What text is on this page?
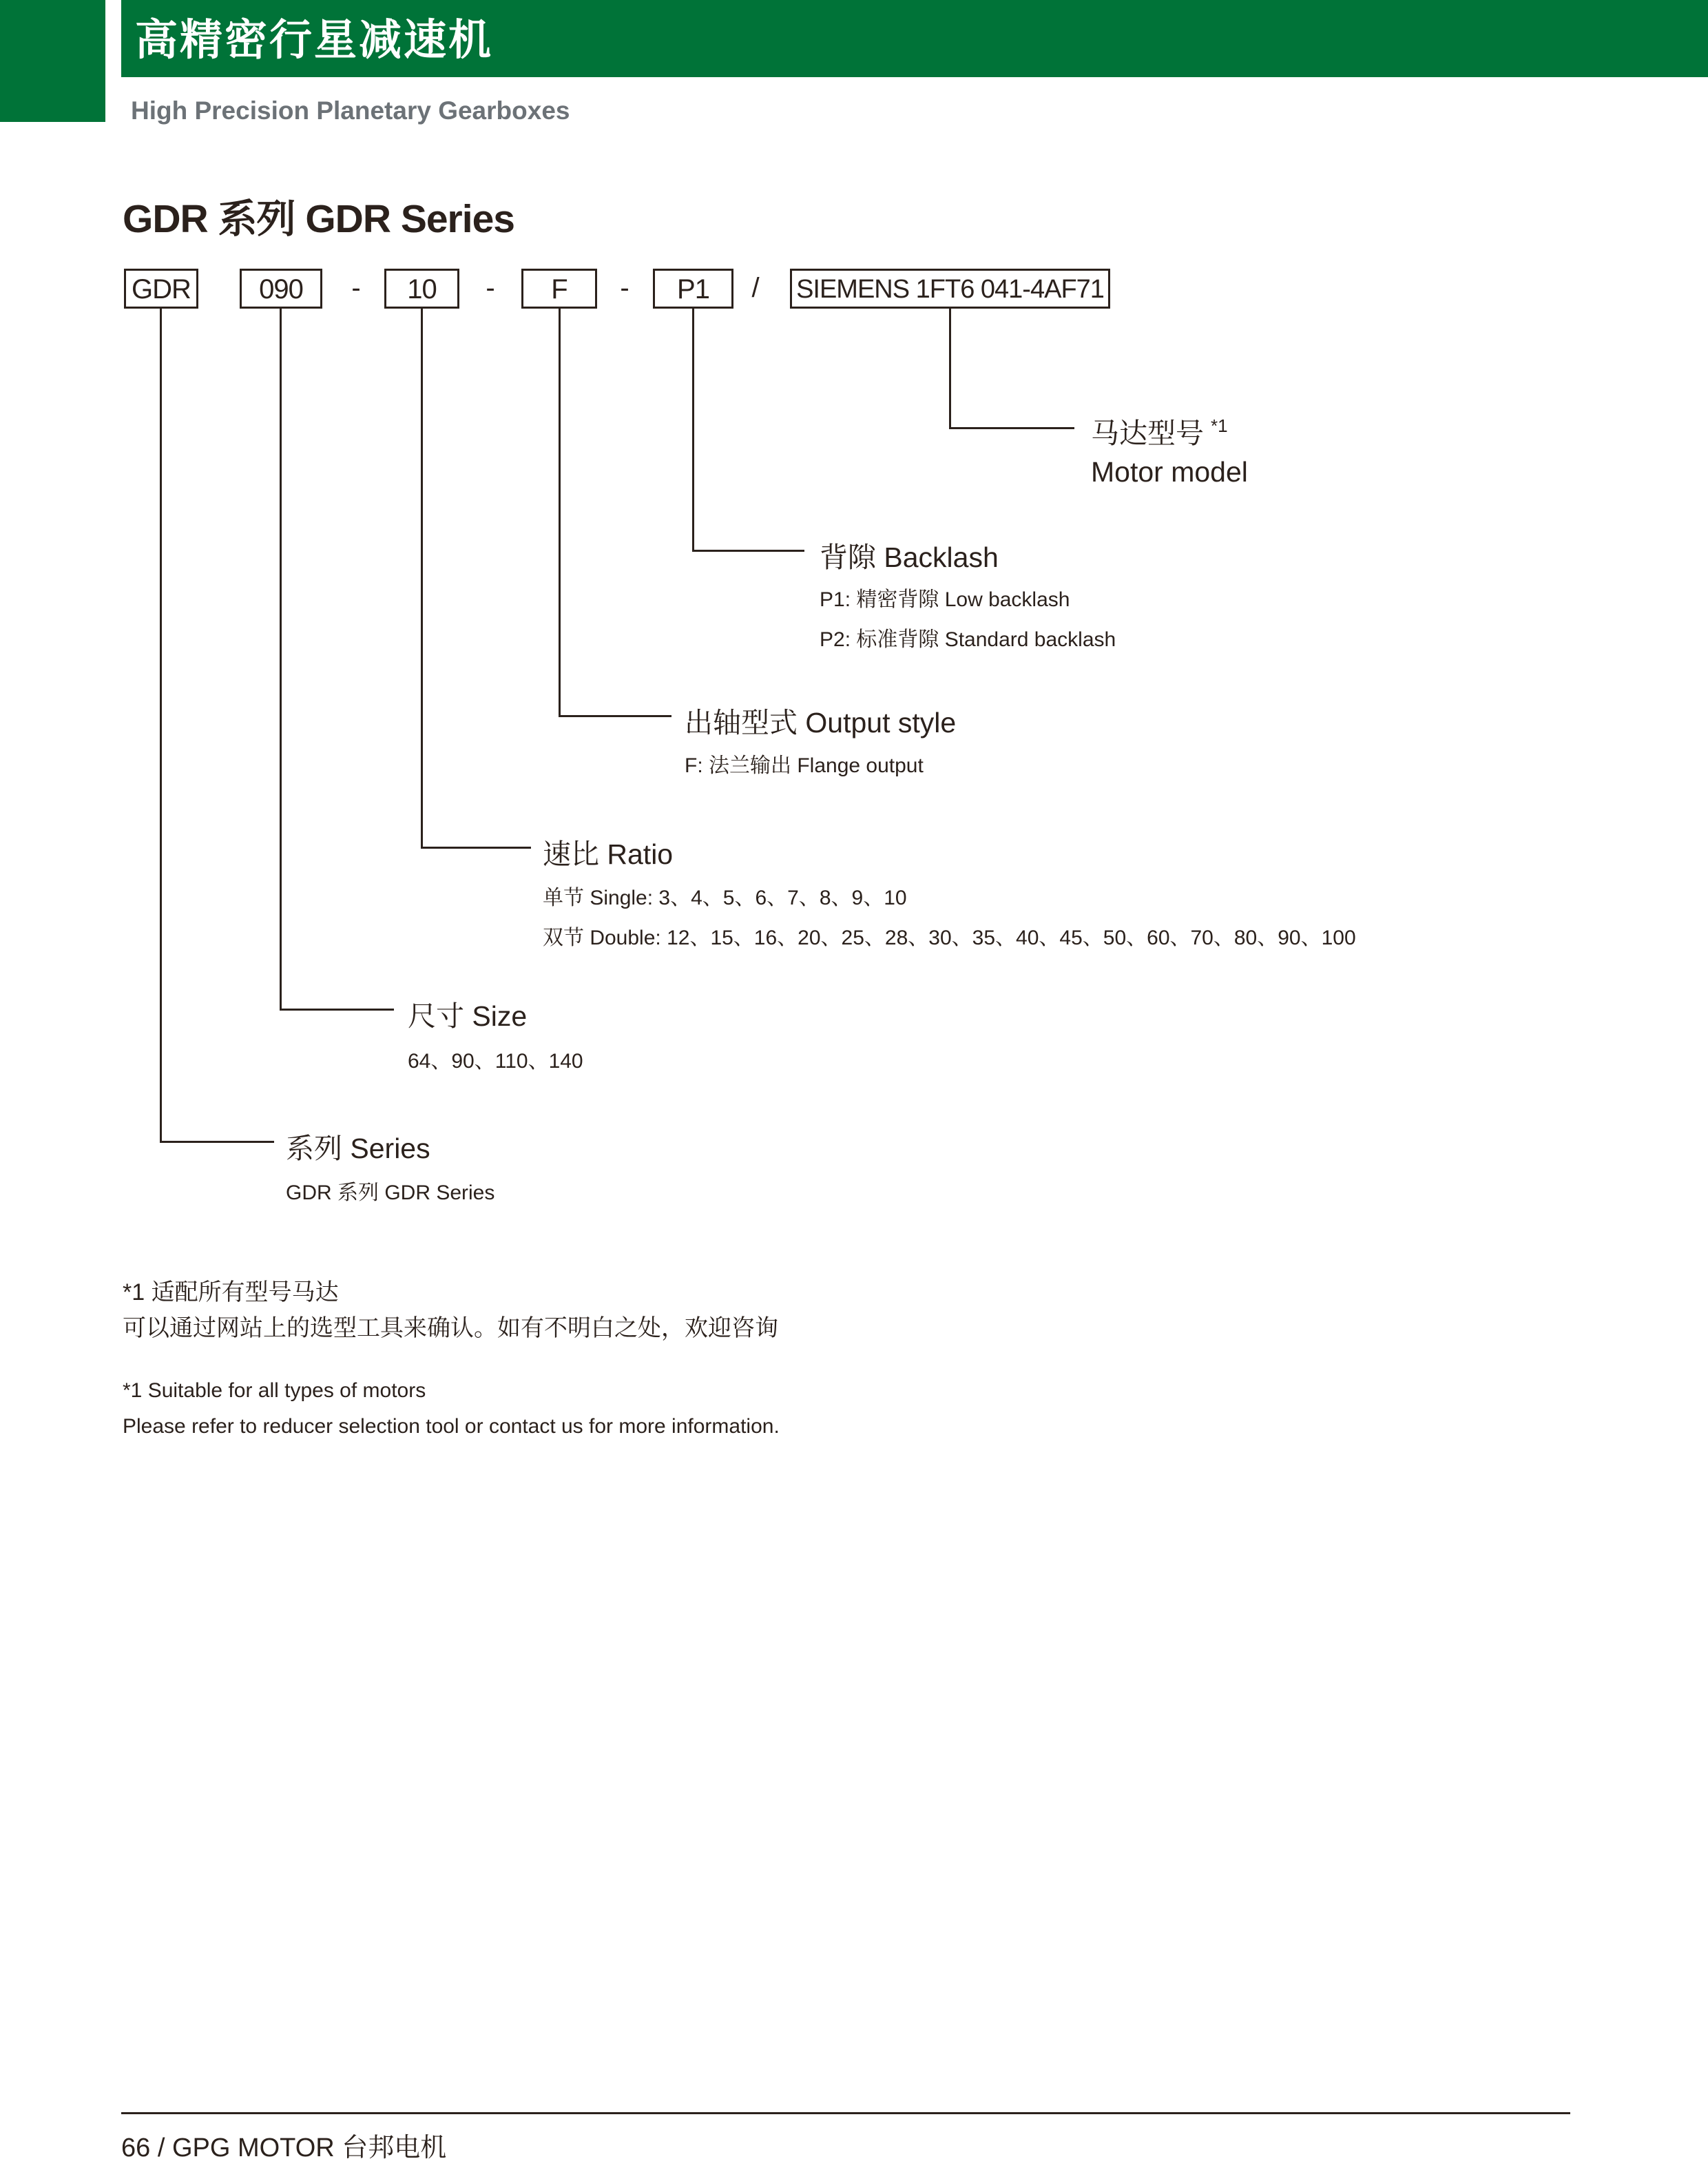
高精密行星减速机
High Precision Planetary Gearboxes
GDR 系列 GDR Series
GDR	090	-	10	-	F	-	P1	/	SIEMENS 1FT6 041-4AF71
马达型号 $^{*1}$
Motor model
背隙 Backlash
P1: 精密背隙 Low backlash
P2: 标准背隙 Standard backlash
出轴型式 Output style
F: 法兰输出 Flange output
速比 Ratio
单节 Single: 3、4、5、6、7、8、9、10
双节 Double: 12、15、16、20、25、28、30、35、40、45、50、60、70、80、90、100
尺寸 Size
64、90、110、140
系列 Series
GDR 系列 GDR Series
*1 适配所有型号马达
可以通过网站上的选型工具来确认。如有不明白之处，欢迎咨询
*1 Suitable for all types of motors
Please refer to reducer selection tool or contact us for more information.
66 / GPG MOTOR 台邦电机
